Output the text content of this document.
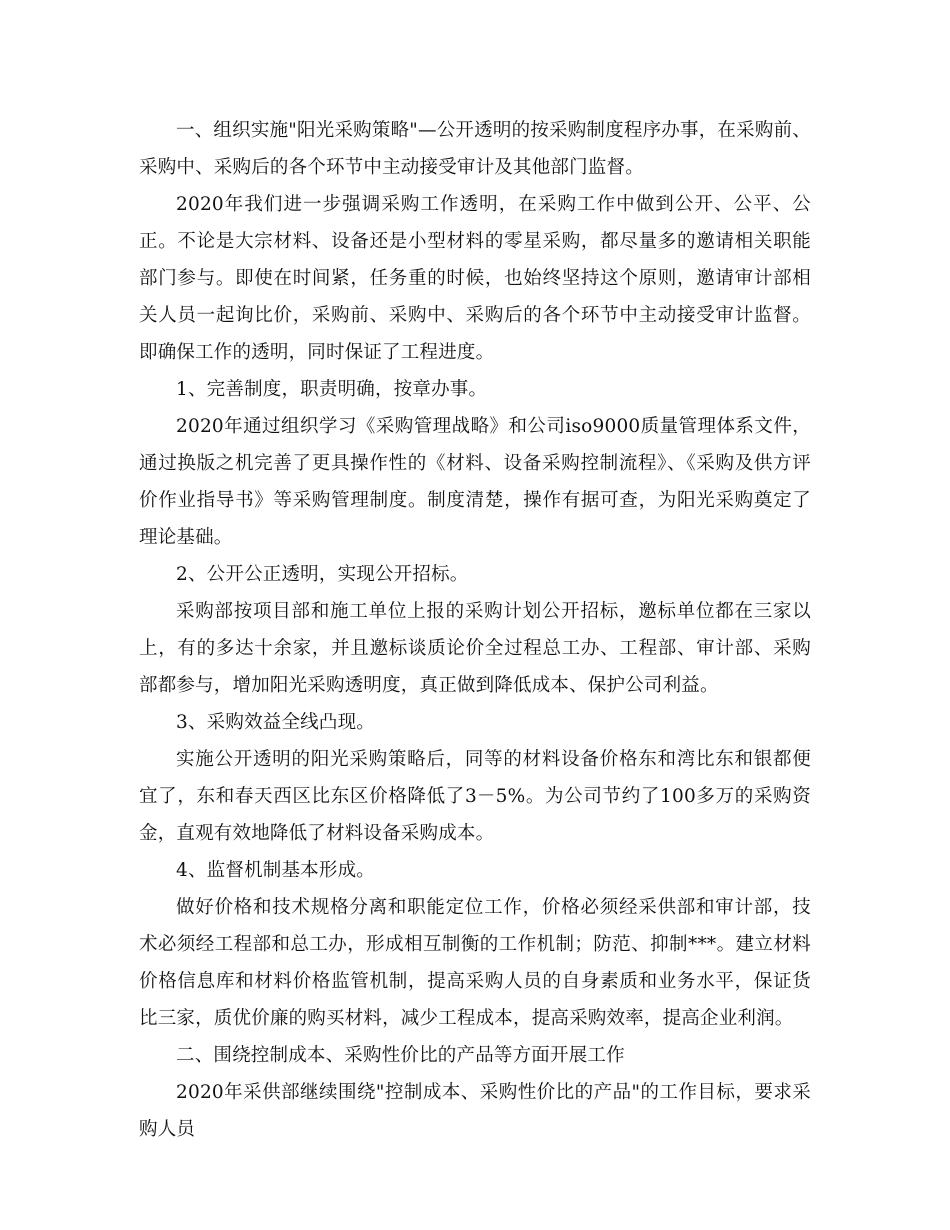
一、组织实施"阳光采购策略"—公开透明的按采购制度程序办事，在采购前、采购中、采购后的各个环节中主动接受审计及其他部门监督。

2020年我们进一步强调采购工作透明，在采购工作中做到公开、公平、公正。不论是大宗材料、设备还是小型材料的零星采购，都尽量多的邀请相关职能部门参与。即使在时间紧，任务重的时候，也始终坚持这个原则，邀请审计部相关人员一起询比价，采购前、采购中、采购后的各个环节中主动接受审计监督。即确保工作的透明，同时保证了工程进度。

1、完善制度，职责明确，按章办事。

2020年通过组织学习《采购管理战略》和公司iso9000质量管理体系文件，通过换版之机完善了更具操作性的《材料、设备采购控制流程》、《采购及供方评价作业指导书》等采购管理制度。制度清楚，操作有据可查，为阳光采购奠定了理论基础。

2、公开公正透明，实现公开招标。

采购部按项目部和施工单位上报的采购计划公开招标，邀标单位都在三家以上，有的多达十余家，并且邀标谈质论价全过程总工办、工程部、审计部、采购部都参与，增加阳光采购透明度，真正做到降低成本、保护公司利益。

3、采购效益全线凸现。

实施公开透明的阳光采购策略后，同等的材料设备价格东和湾比东和银都便宜了，东和春天西区比东区价格降低了3－5%。为公司节约了100多万的采购资金，直观有效地降低了材料设备采购成本。

4、监督机制基本形成。

做好价格和技术规格分离和职能定位工作，价格必须经采供部和审计部，技术必须经工程部和总工办，形成相互制衡的工作机制；防范、抑制***。建立材料价格信息库和材料价格监管机制，提高采购人员的自身素质和业务水平，保证货比三家，质优价廉的购买材料，减少工程成本，提高采购效率，提高企业利润。

二、围绕控制成本、采购性价比的产品等方面开展工作

2020年采供部继续围绕"控制成本、采购性价比的产品"的工作目标，要求采购人员
